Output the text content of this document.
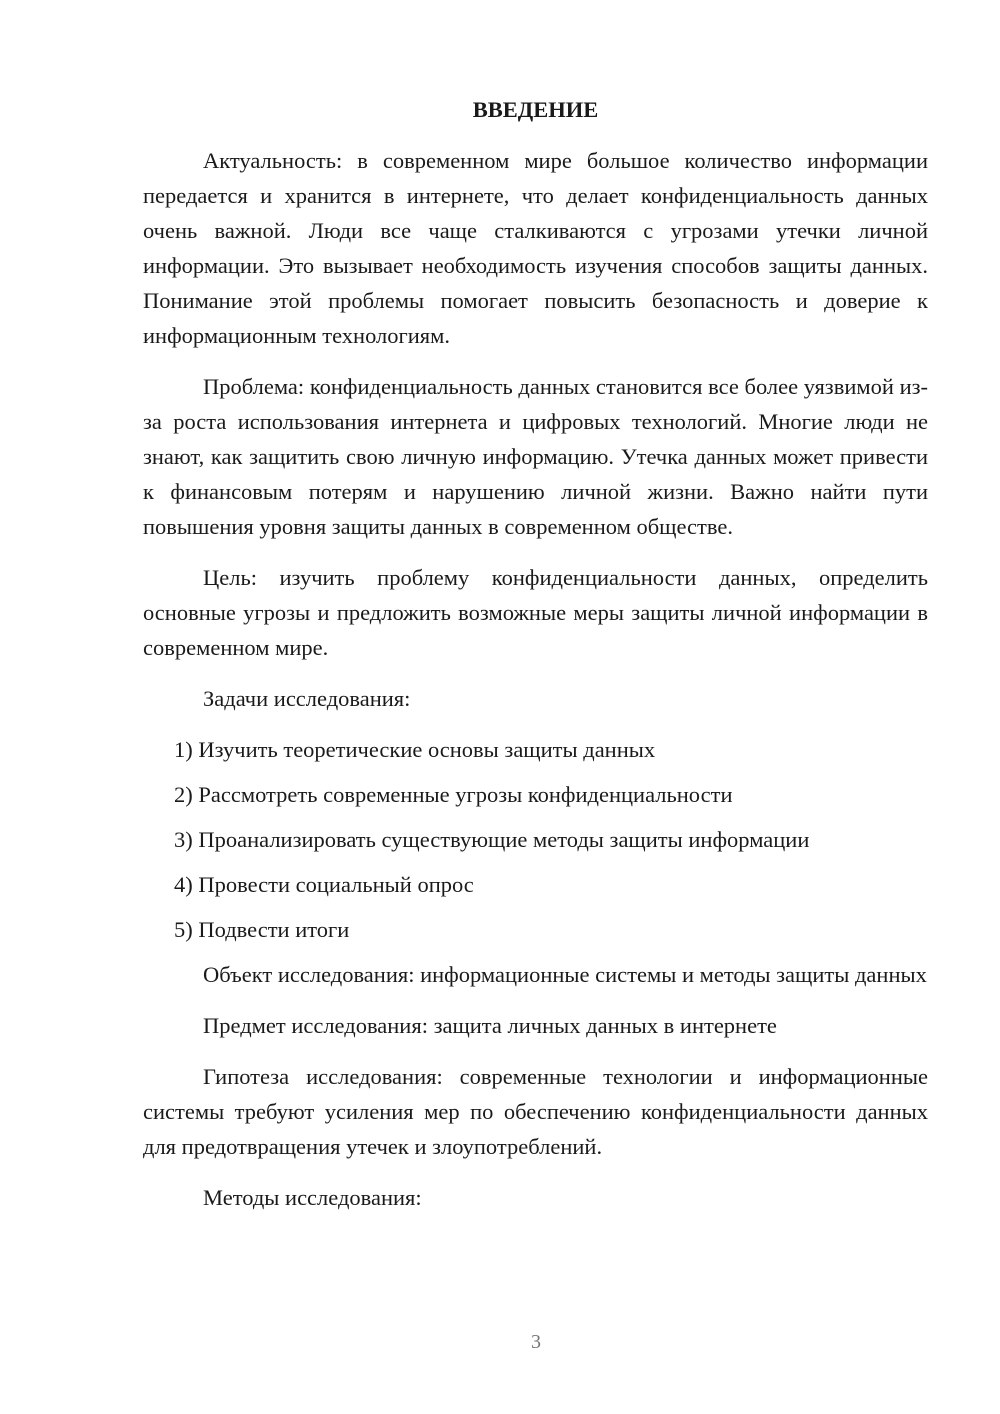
ВВЕДЕНИЕ
Актуальность: в современном мире большое количество информации передается и хранится в интернете, что делает конфиденциальность данных очень важной. Люди все чаще сталкиваются с угрозами утечки личной информации. Это вызывает необходимость изучения способов защиты данных. Понимание этой проблемы помогает повысить безопасность и доверие к информационным технологиям.
Проблема: конфиденциальность данных становится все более уязвимой из-за роста использования интернета и цифровых технологий. Многие люди не знают, как защитить свою личную информацию. Утечка данных может привести к финансовым потерям и нарушению личной жизни. Важно найти пути повышения уровня защиты данных в современном обществе.
Цель: изучить проблему конфиденциальности данных, определить основные угрозы и предложить возможные меры защиты личной информации в современном мире.
Задачи исследования:
1) Изучить теоретические основы защиты данных
2) Рассмотреть современные угрозы конфиденциальности
3) Проанализировать существующие методы защиты информации
4) Провести социальный опрос
5) Подвести итоги
Объект исследования: информационные системы и методы защиты данных
Предмет исследования: защита личных данных в интернете
Гипотеза исследования: современные технологии и информационные системы требуют усиления мер по обеспечению конфиденциальности данных для предотвращения утечек и злоупотреблений.
Методы исследования:
3
